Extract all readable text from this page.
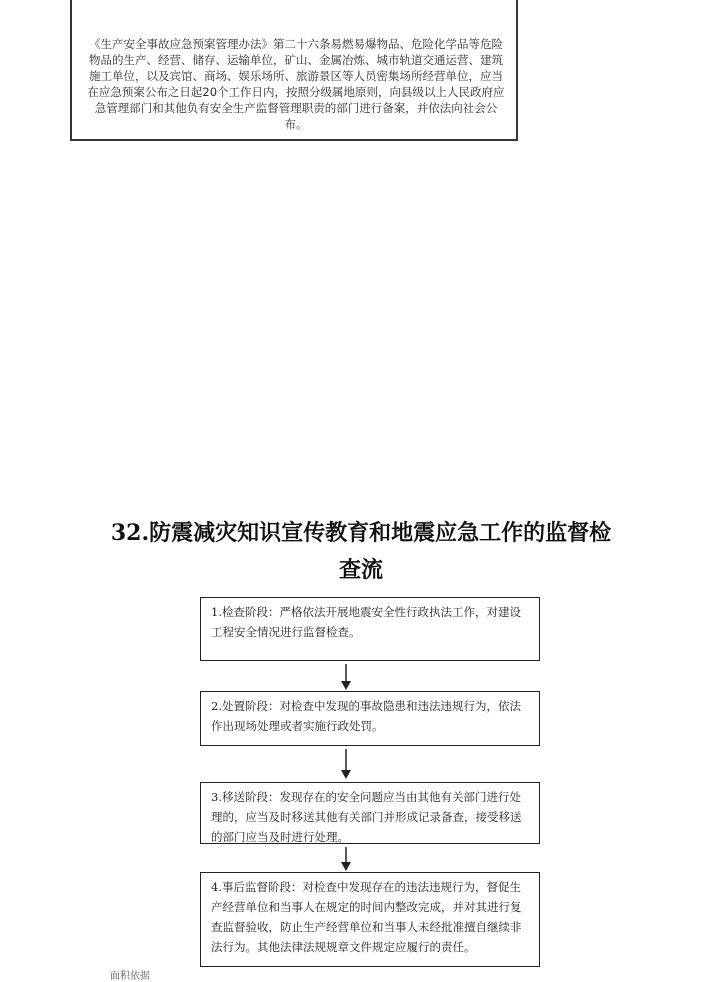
《生产安全事故应急预案管理办法》第二十六条易燃易爆物品、危险化学品等危险物品的生产、经营、储存、运输单位，矿山、金属冶炼、城市轨道交通运营、建筑施工单位，以及宾馆、商场、娱乐场所、旅游景区等人员密集场所经营单位，应当在应急预案公布之日起20个工作日内，按照分级属地原则，向县级以上人民政府应急管理部门和其他负有安全生产监督管理职责的部门进行备案，并依法向社会公布。
32.防震减灾知识宣传教育和地震应急工作的监督检
查流
1.检查阶段：严格依法开展地震安全性行政执法工作，对建设工程安全情况进行监督检查。
2.处置阶段：对检查中发现的事故隐患和违法违规行为，依法作出现场处理或者实施行政处罚。
3.移送阶段：发现存在的安全问题应当由其他有关部门进行处理的，应当及时移送其他有关部门并形成记录备查，接受移送的部门应当及时进行处理。
4.事后监督阶段：对检查中发现存在的违法违规行为，督促生产经营单位和当事人在规定的时间内整改完成，并对其进行复查监督验收，防止生产经营单位和当事人未经批准擅自继续非法行为。其他法律法规规章文件规定应履行的责任。
面积依据
